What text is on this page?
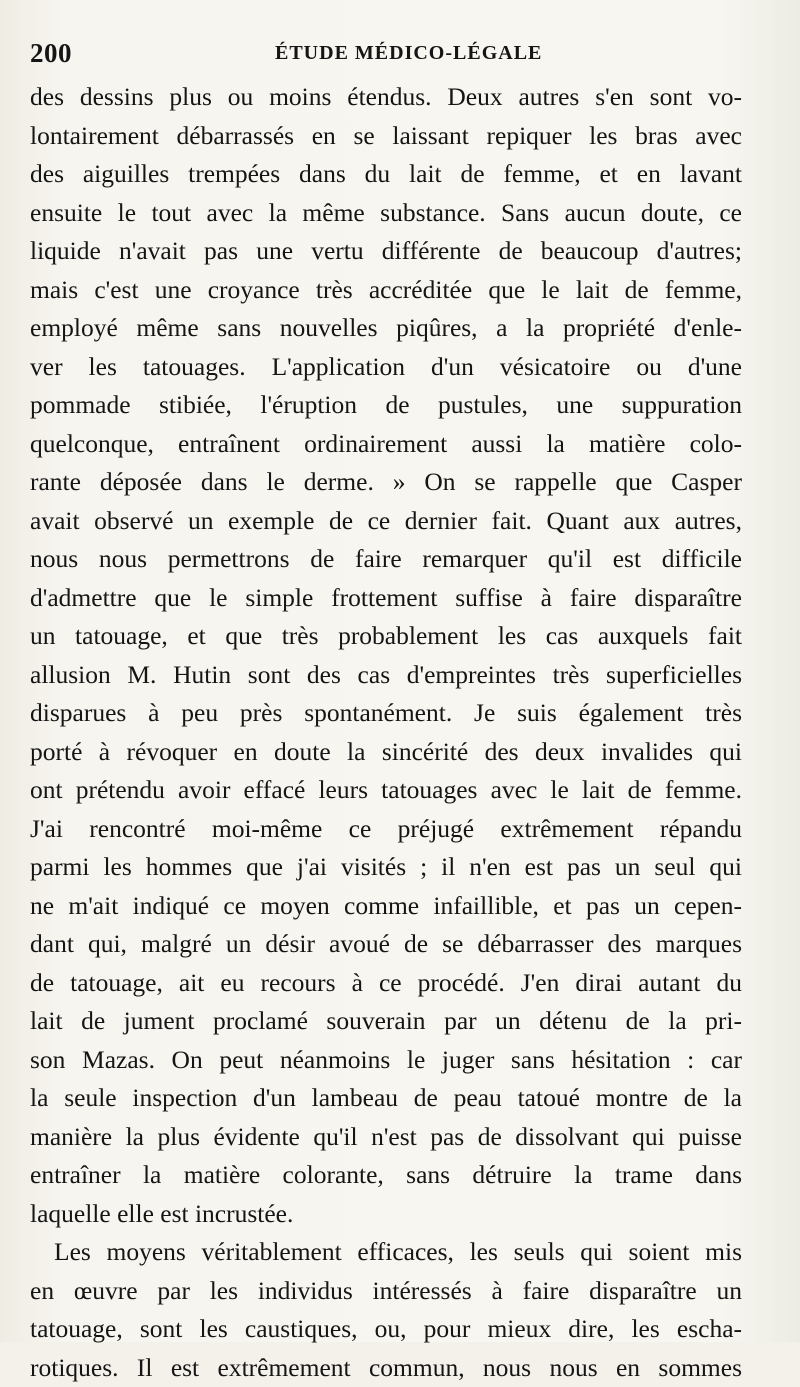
200	ÉTUDE MÉDICO-LÉGALE
des dessins plus ou moins étendus. Deux autres s'en sont vo-
lontairement débarrassés en se laissant repiquer les bras avec
des aiguilles trempées dans du lait de femme, et en lavant
ensuite le tout avec la même substance. Sans aucun doute, ce
liquide n'avait pas une vertu différente de beaucoup d'autres;
mais c'est une croyance très accréditée que le lait de femme,
employé même sans nouvelles piqûres, a la propriété d'enle-
ver les tatouages. L'application d'un vésicatoire ou d'une
pommade stibiée, l'éruption de pustules, une suppuration
quelconque, entraînent ordinairement aussi la matière colo-
rante déposée dans le derme. » On se rappelle que Casper
avait observé un exemple de ce dernier fait. Quant aux autres,
nous nous permettrons de faire remarquer qu'il est difficile
d'admettre que le simple frottement suffise à faire disparaître
un tatouage, et que très probablement les cas auxquels fait
allusion M. Hutin sont des cas d'empreintes très superficielles
disparues à peu près spontanément. Je suis également très
porté à révoquer en doute la sincérité des deux invalides qui
ont prétendu avoir effacé leurs tatouages avec le lait de femme.
J'ai rencontré moi-même ce préjugé extrêmement répandu
parmi les hommes que j'ai visités ; il n'en est pas un seul qui
ne m'ait indiqué ce moyen comme infaillible, et pas un cepen-
dant qui, malgré un désir avoué de se débarrasser des marques
de tatouage, ait eu recours à ce procédé. J'en dirai autant du
lait de jument proclamé souverain par un détenu de la pri-
son Mazas. On peut néanmoins le juger sans hésitation : car
la seule inspection d'un lambeau de peau tatoué montre de la
manière la plus évidente qu'il n'est pas de dissolvant qui puisse
entraîner la matière colorante, sans détruire la trame dans
laquelle elle est incrustée.
Les moyens véritablement efficaces, les seuls qui soient mis
en œuvre par les individus intéressés à faire disparaître un
tatouage, sont les caustiques, ou, pour mieux dire, les escha-
rotiques. Il est extrêmement commun, nous nous en sommes
